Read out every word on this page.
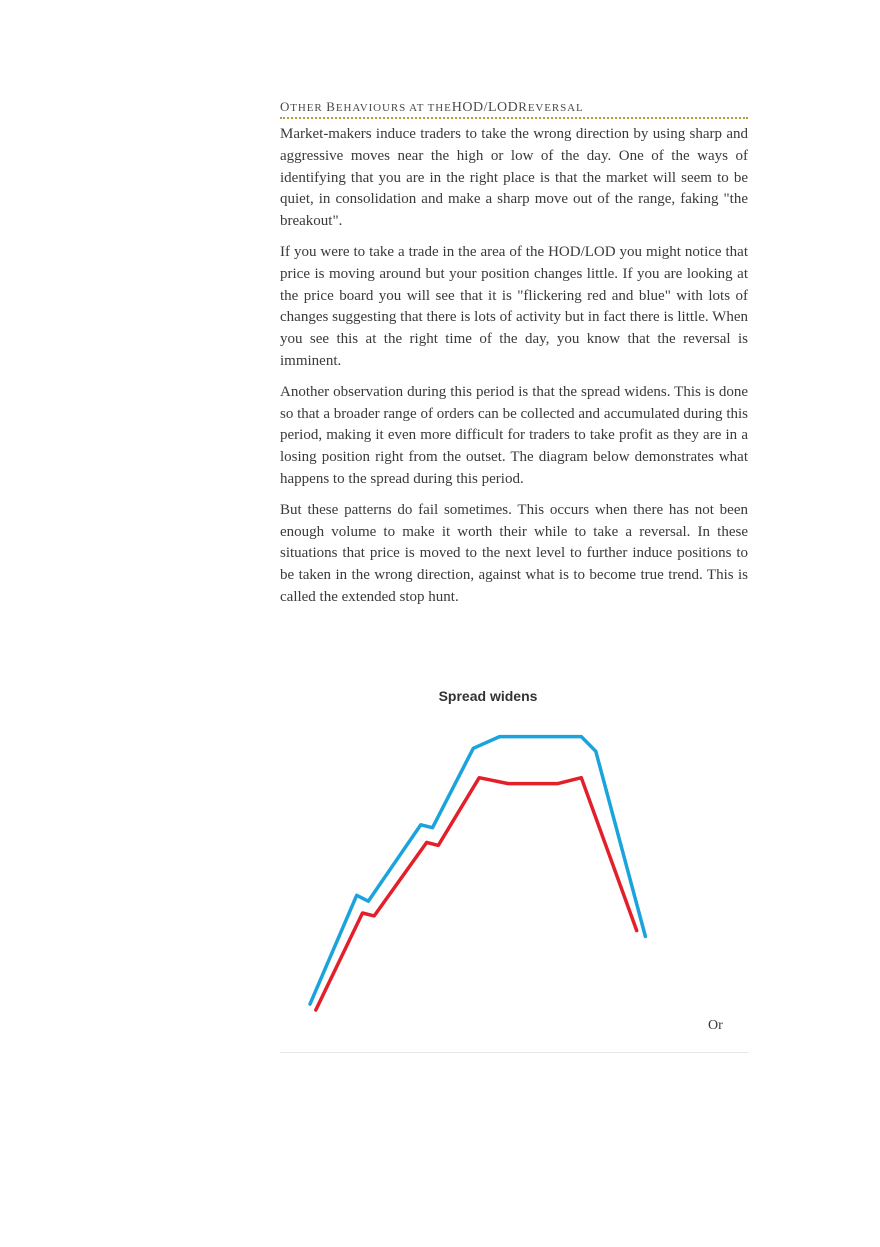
OTHER BEHAVIOURS AT THEHOD/LODREVERSAL

Market-makers induce traders to take the wrong direction by using sharp and aggressive moves near the high or low of the day. One of the ways of identifying that you are in the right place is that the market will seem to be quiet, in consolidation and make a sharp move out of the range, faking "the breakout".

If you were to take a trade in the area of the HOD/LOD you might notice that price is moving around but your position changes little. If you are looking at the price board you will see that it is "flickering red and blue" with lots of changes suggesting that there is lots of activity but in fact there is little. When you see this at the right time of the day, you know that the reversal is imminent.

Another observation during this period is that the spread widens. This is done so that a broader range of orders can be collected and accumulated during this period, making it even more difficult for traders to take profit as they are in a losing position right from the outset. The diagram below demonstrates what happens to the spread during this period.

But these patterns do fail sometimes. This occurs when there has not been enough volume to make it worth their while to take a reversal. In these situations that price is moved to the next level to further induce positions to be taken in the wrong direction, against what is to become true trend. This is called the extended stop hunt.

Spread widens
Or
